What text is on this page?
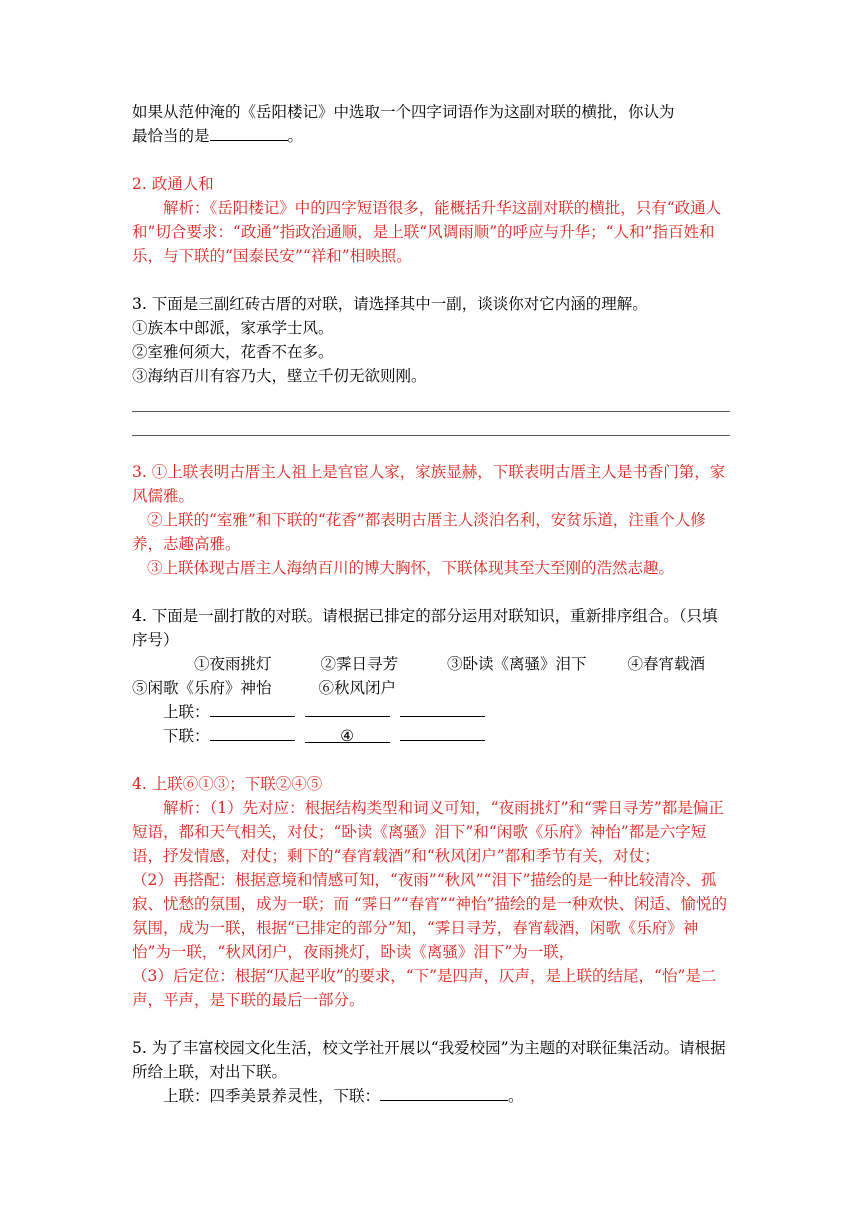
如果从范仲淹的《岳阳楼记》中选取一个四字词语作为这副对联的横批，你认为

最恰当的是	。

2. 政通人和

解析：《岳阳楼记》中的四字短语很多，能概括升华这副对联的横批，只有“政通人和”切合要求：“政通”指政治通顺，是上联“风调雨顺”的呼应与升华；“人和”指百姓和乐，与下联的“国泰民安”“祥和”相映照。

3. 下面是三副红砖古厝的对联，请选择其中一副，谈谈你对它内涵的理解。

①族本中郎派，家承学士风。

②室雅何须大，花香不在多。

③海纳百川有容乃大，壁立千仞无欲则刚。

3. ①上联表明古厝主人祖上是官宦人家，家族显赫，下联表明古厝主人是书香门第，家风儒雅。

②上联的“室雅”和下联的“花香”都表明古厝主人淡泊名利，安贫乐道，注重个人修养，志趣高雅。

③上联体现古厝主人海纳百川的博大胸怀，下联体现其至大至刚的浩然志趣。

4. 下面是一副打散的对联。请根据已排定的部分运用对联知识，重新排序组合。（只填序号）

①夜雨挑灯	②霁日寻芳	③卧读《离骚》泪下	④春宵载酒⑤闲歌《乐府》神怡	⑥秋风闭户

上联：

下联：	④

4. 上联⑥①③；下联②④⑤

解析：（1）先对应：根据结构类型和词义可知，“夜雨挑灯”和“霁日寻芳”都是偏正短语，都和天气相关，对仗；“卧读《离骚》泪下”和“闲歌《乐府》神怡”都是六字短语，抒发情感，对仗；剩下的“春宵载酒”和“秋风闭户”都和季节有关，对仗；

（2）再搭配：根据意境和情感可知，“夜雨”“秋风”“泪下”描绘的是一种比较清冷、孤寂、忧愁的氛围，成为一联；而 “霁日”“春宵”“神怡”描绘的是一种欢快、闲适、愉悦的氛围，成为一联，根据“已排定的部分”知，“霁日寻芳，春宵载酒，闲歌《乐府》神怡”为一联，“秋风闭户，夜雨挑灯，卧读《离骚》泪下”为一联，

（3）后定位：根据“仄起平收”的要求，“下”是四声，仄声，是上联的结尾，“怡”是二声，平声，是下联的最后一部分。

5. 为了丰富校园文化生活，校文学社开展以“我爱校园”为主题的对联征集活动。请根据所给上联，对出下联。

上联：四季美景养灵性，下联：	。
